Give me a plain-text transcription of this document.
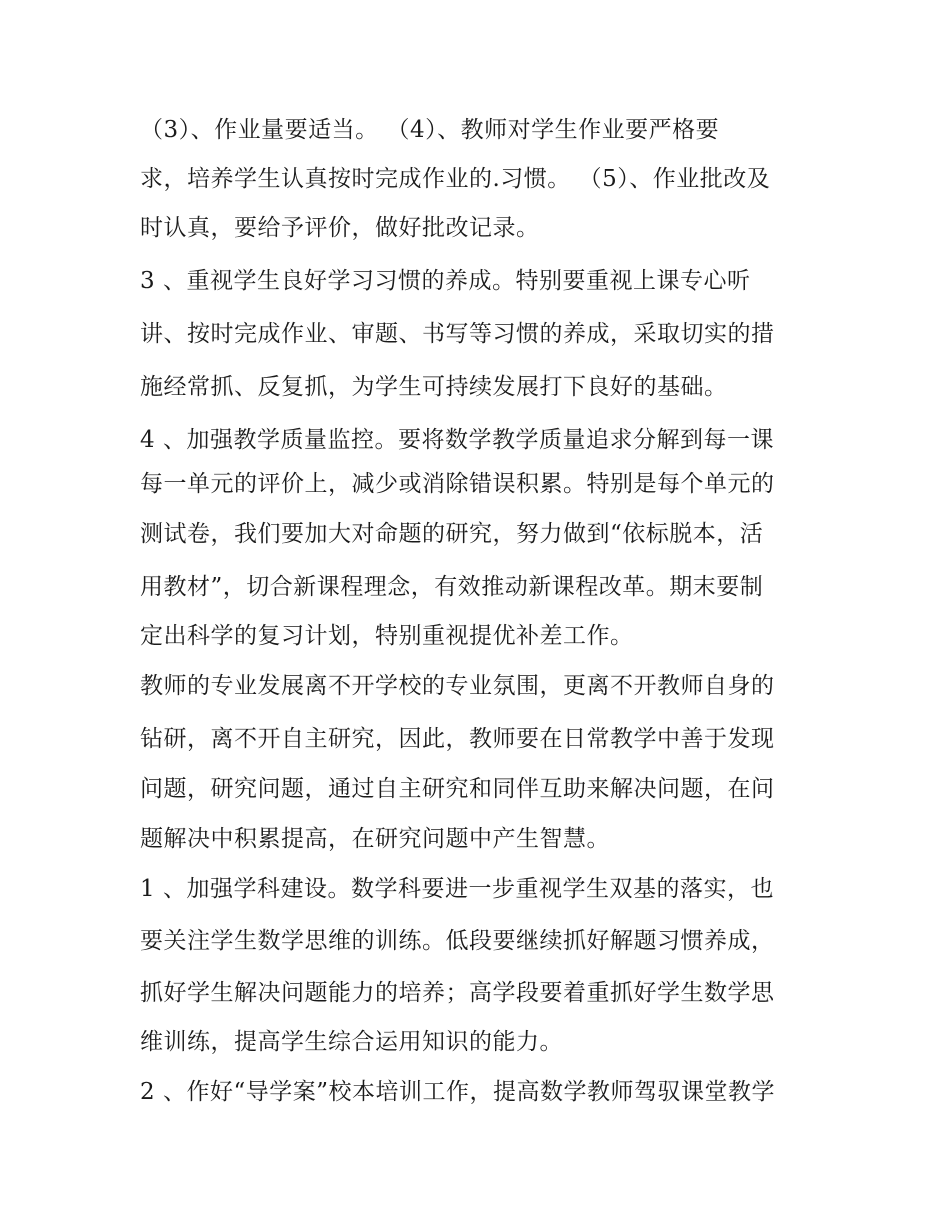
（3）、作业量要适当。 （4）、教师对学生作业要严格要
求，培养学生认真按时完成作业的.习惯。 （5）、作业批改及
时认真，要给予评价，做好批改记录。
3 、重视学生良好学习习惯的养成。特别要重视上课专心听
讲、按时完成作业、审题、书写等习惯的养成，采取切实的措
施经常抓、反复抓，为学生可持续发展打下良好的基础。
4 、加强教学质量监控。要将数学教学质量追求分解到每一课
每一单元的评价上，减少或消除错误积累。特别是每个单元的
测试卷，我们要加大对命题的研究，努力做到“依标脱本，活
用教材”，切合新课程理念，有效推动新课程改革。期末要制
定出科学的复习计划，特别重视提优补差工作。
教师的专业发展离不开学校的专业氛围，更离不开教师自身的
钻研，离不开自主研究，因此，教师要在日常教学中善于发现
问题，研究问题，通过自主研究和同伴互助来解决问题，在问
题解决中积累提高，在研究问题中产生智慧。
1 、加强学科建设。数学科要进一步重视学生双基的落实，也
要关注学生数学思维的训练。低段要继续抓好解题习惯养成，
抓好学生解决问题能力的培养；高学段要着重抓好学生数学思
维训练，提高学生综合运用知识的能力。
2 、作好“导学案”校本培训工作，提高数学教师驾驭课堂教学
